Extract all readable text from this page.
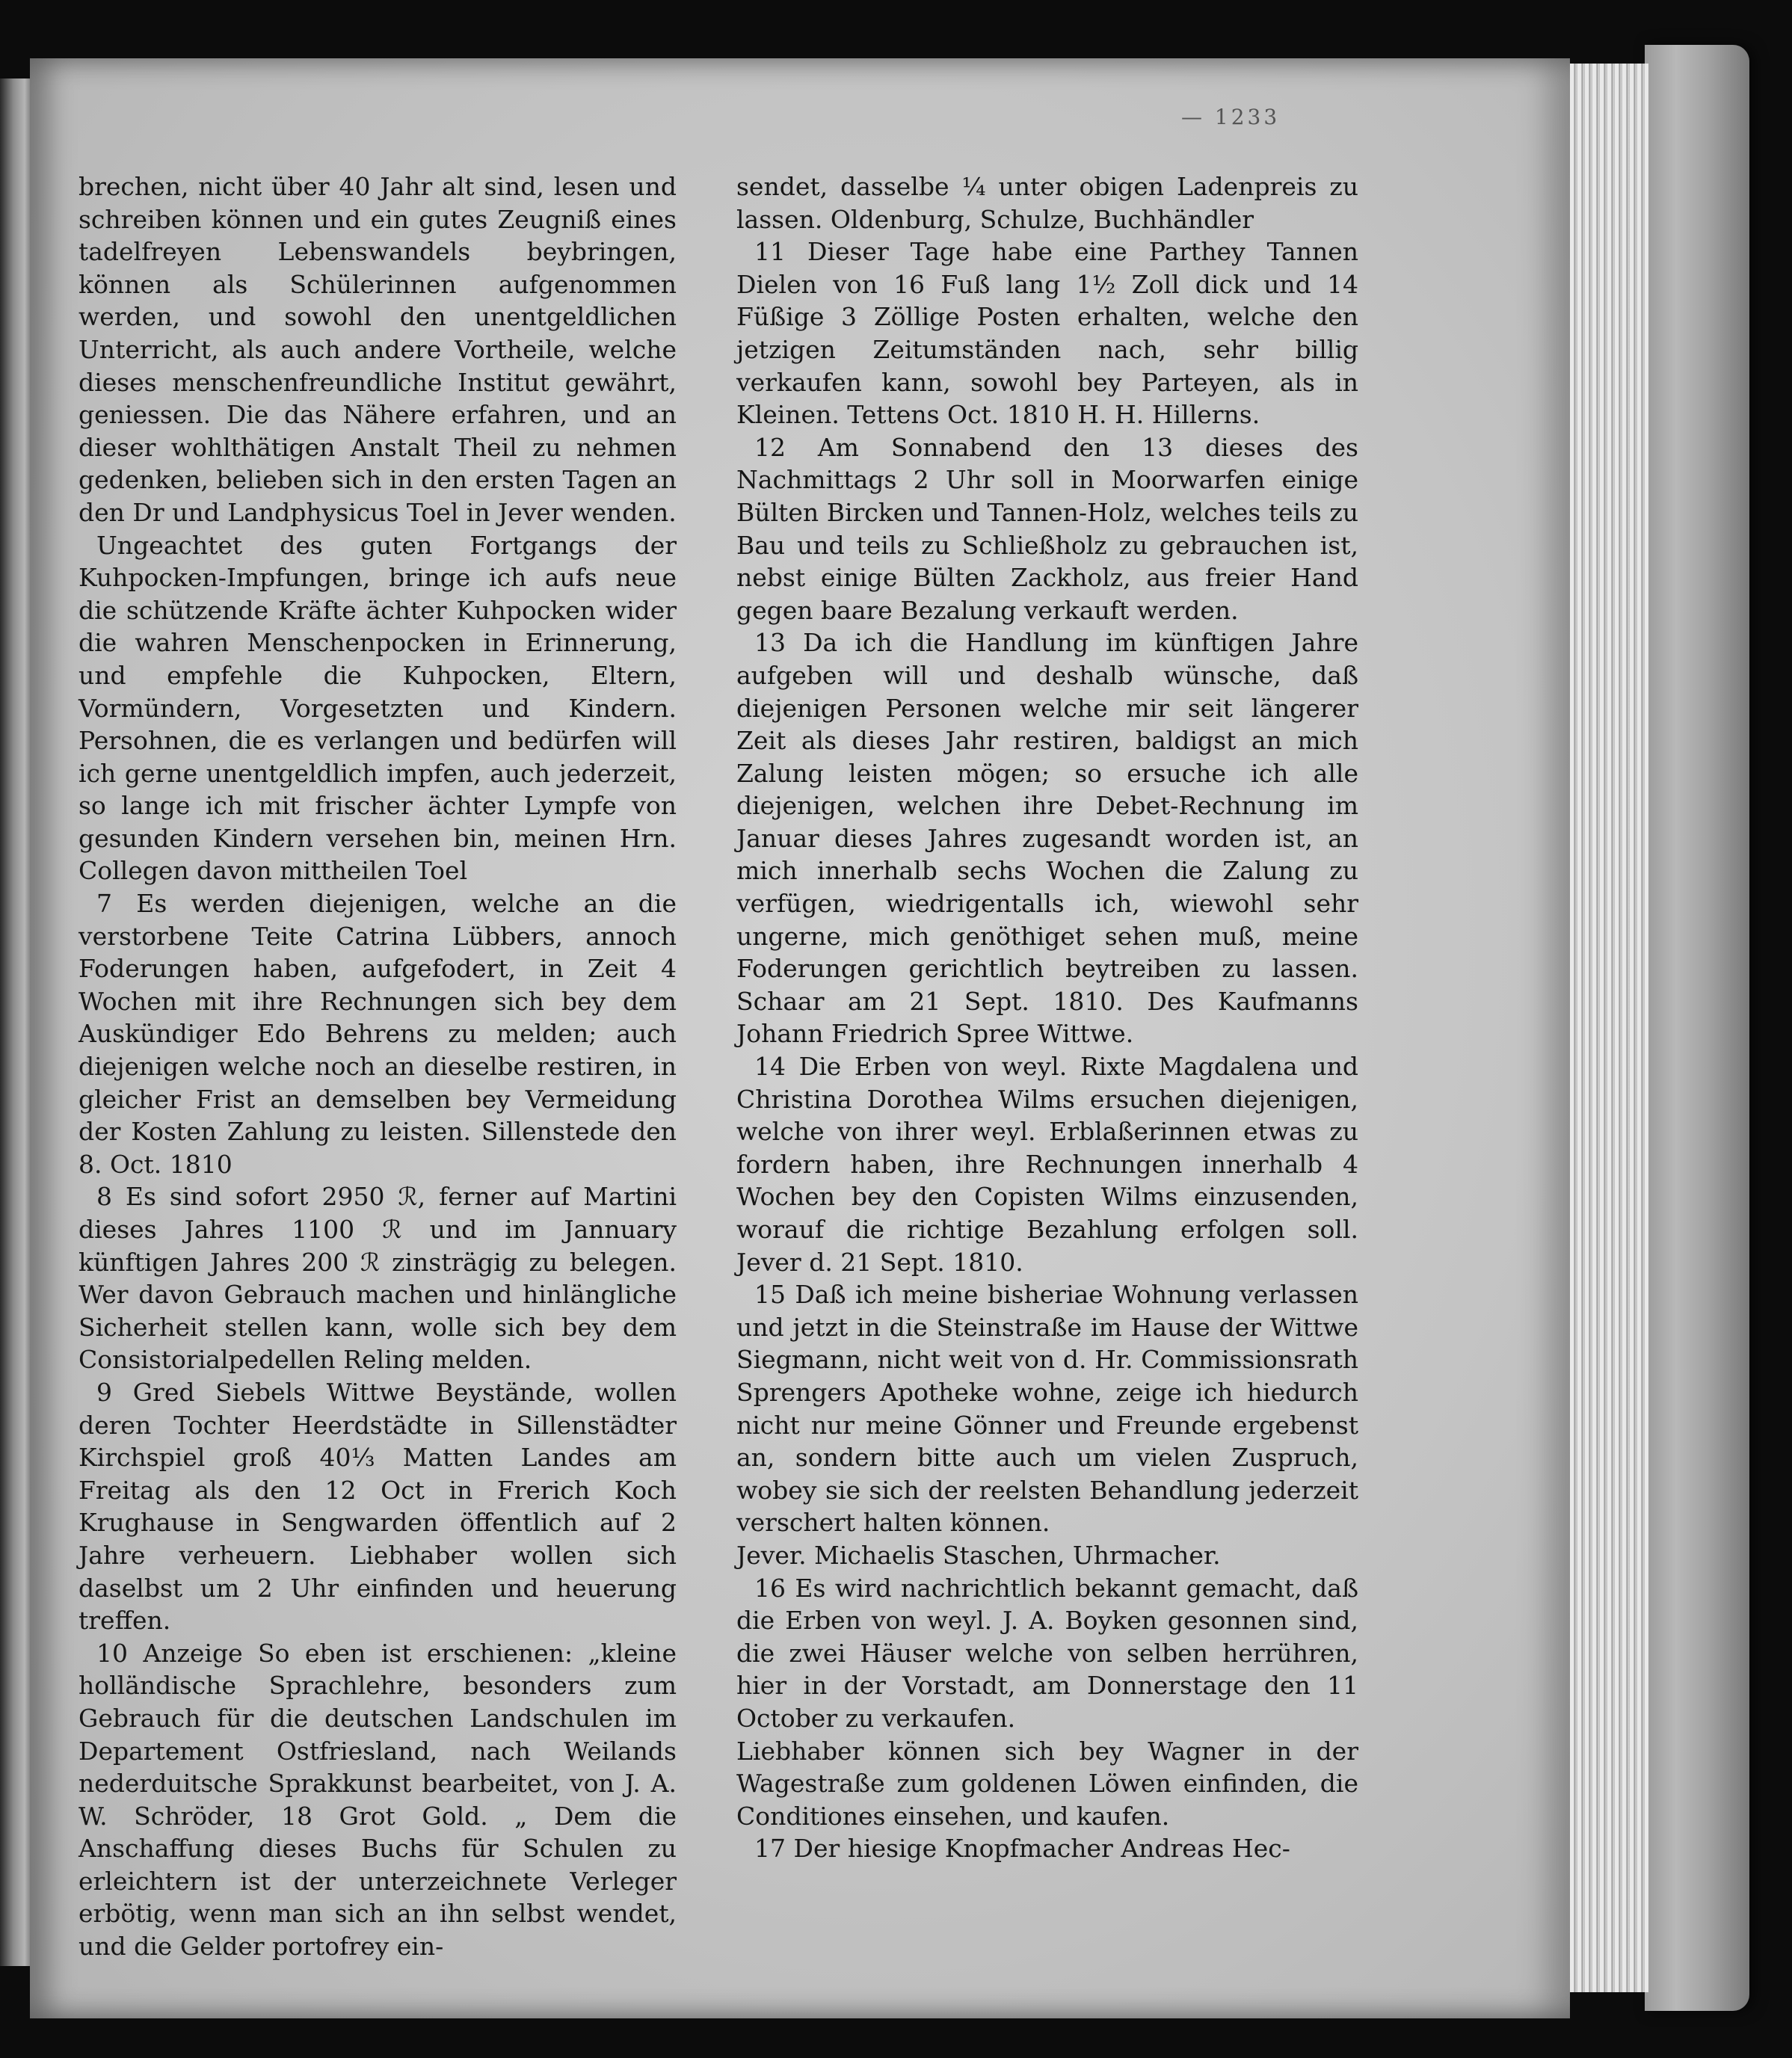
— 1233

brechen, nicht über 40 Jahr alt sind, lesen und schreiben können und ein gutes Zeugniß eines tadelfreyen Lebenswandels beybringen, können als Schülerinnen aufgenommen werden, und sowohl den unentgeldlichen Unterricht, als auch andere Vortheile, welche dieses menschenfreundliche Institut gewährt, geniessen. Die das Nähere erfahren, und an dieser wohlthätigen Anstalt Theil zu nehmen gedenken, belieben sich in den ersten Tagen an den Dr und Landphysicus Toel in Jever wenden.

Ungeachtet des guten Fortgangs der Kuhpocken-Impfungen, bringe ich aufs neue die schützende Kräfte ächter Kuhpocken wider die wahren Menschenpocken in Erinnerung, und empfehle die Kuhpocken, Eltern, Vormündern, Vorgesetzten und Kindern. Persohnen, die es verlangen und bedürfen will ich gerne unentgeldlich impfen, auch jederzeit, so lange ich mit frischer ächter Lympfe von gesunden Kindern versehen bin, meinen Hrn. Collegen davon mittheilen Toel

7 Es werden diejenigen, welche an die verstorbene Teite Catrina Lübbers, annoch Foderungen haben, aufgefodert, in Zeit 4 Wochen mit ihre Rechnungen sich bey dem Auskündiger Edo Behrens zu melden; auch diejenigen welche noch an dieselbe restiren, in gleicher Frist an demselben bey Vermeidung der Kosten Zahlung zu leisten. Sillenstede den 8. Oct. 1810

8 Es sind sofort 2950 ℛ, ferner auf Martini dieses Jahres 1100 ℛ und im Jannuary künftigen Jahres 200 ℛ zinsträgig zu belegen. Wer davon Gebrauch machen und hinlängliche Sicherheit stellen kann, wolle sich bey dem Consistorialpedellen Reling melden.

9 Gred Siebels Wittwe Beystände, wollen deren Tochter Heerdstädte in Sillenstädter Kirchspiel groß 40⅓ Matten Landes am Freitag als den 12 Oct in Frerich Koch Krughause in Sengwarden öffentlich auf 2 Jahre verheuern. Liebhaber wollen sich daselbst um 2 Uhr einfinden und heuerung treffen.

10 Anzeige So eben ist erschienen: „kleine holländische Sprachlehre, besonders zum Gebrauch für die deutschen Landschulen im Departement Ostfriesland, nach Weilands nederduitsche Sprakkunst bearbeitet, von J. A. W. Schröder, 18 Grot Gold. „ Dem die Anschaffung dieses Buchs für Schulen zu erleichtern ist der unterzeichnete Verleger erbötig, wenn man sich an ihn selbst wendet, und die Gelder portofrey ein-

sendet, dasselbe ¼ unter obigen Ladenpreis zu lassen. Oldenburg, Schulze, Buchhändler

11 Dieser Tage habe eine Parthey Tannen Dielen von 16 Fuß lang 1½ Zoll dick und 14 Füßige 3 Zöllige Posten erhalten, welche den jetzigen Zeitumständen nach, sehr billig verkaufen kann, sowohl bey Parteyen, als in Kleinen. Tettens Oct. 1810 H. H. Hillerns.

12 Am Sonnabend den 13 dieses des Nachmittags 2 Uhr soll in Moorwarfen einige Bülten Bircken und Tannen-Holz, welches teils zu Bau und teils zu Schließholz zu gebrauchen ist, nebst einige Bülten Zackholz, aus freier Hand gegen baare Bezalung verkauft werden.

13 Da ich die Handlung im künftigen Jahre aufgeben will und deshalb wünsche, daß diejenigen Personen welche mir seit längerer Zeit als dieses Jahr restiren, baldigst an mich Zalung leisten mögen; so ersuche ich alle diejenigen, welchen ihre Debet-Rechnung im Januar dieses Jahres zugesandt worden ist, an mich innerhalb sechs Wochen die Zalung zu verfügen, wiedrigentalls ich, wiewohl sehr ungerne, mich genöthiget sehen muß, meine Foderungen gerichtlich beytreiben zu lassen. Schaar am 21 Sept. 1810. Des Kaufmanns Johann Friedrich Spree Wittwe.

14 Die Erben von weyl. Rixte Magdalena und Christina Dorothea Wilms ersuchen diejenigen, welche von ihrer weyl. Erblaßerinnen etwas zu fordern haben, ihre Rechnungen innerhalb 4 Wochen bey den Copisten Wilms einzusenden, worauf die richtige Bezahlung erfolgen soll. Jever d. 21 Sept. 1810.

15 Daß ich meine bisheriae Wohnung verlassen und jetzt in die Steinstraße im Hause der Wittwe Siegmann, nicht weit von d. Hr. Commissionsrath Sprengers Apotheke wohne, zeige ich hiedurch nicht nur meine Gönner und Freunde ergebenst an, sondern bitte auch um vielen Zuspruch, wobey sie sich der reelsten Behandlung jederzeit verschert halten können.

Jever. Michaelis Staschen, Uhrmacher.

16 Es wird nachrichtlich bekannt gemacht, daß die Erben von weyl. J. A. Boyken gesonnen sind, die zwei Häuser welche von selben herrühren, hier in der Vorstadt, am Donnerstage den 11 October zu verkaufen.

Liebhaber können sich bey Wagner in der Wagestraße zum goldenen Löwen einfinden, die Conditiones einsehen, und kaufen.

17 Der hiesige Knopfmacher Andreas Hec-
